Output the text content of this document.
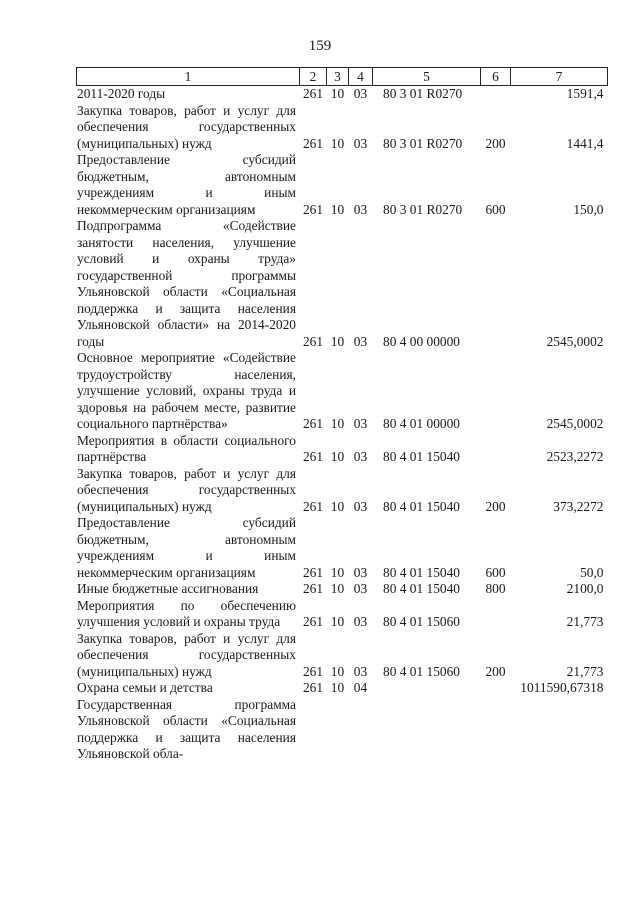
159
1	2	3	4	5	6	7
2011-2020 годы	261	10	03	80 3 01 R0270		1591,4
Закупка товаров, работ и услуг для обеспечения государственных (муниципальных) нужд	261	10	03	80 3 01 R0270	200	1441,4
Предоставление субсидий бюджетным, автономным учреждениям и иным некоммерческим организациям	261	10	03	80 3 01 R0270	600	150,0
Подпрограмма «Содействие занятости населения, улучшение условий и охраны труда» государственной программы Ульяновской области «Социальная поддержка и защита населения Ульяновской области» на 2014-2020 годы	261	10	03	80 4 00 00000		2545,0002
Основное мероприятие «Содействие трудоустройству населения, улучшение условий, охраны труда и здоровья на рабочем месте, развитие социального партнёрства»	261	10	03	80 4 01 00000		2545,0002
Мероприятия в области социального партнёрства	261	10	03	80 4 01 15040		2523,2272
Закупка товаров, работ и услуг для обеспечения государственных (муниципальных) нужд	261	10	03	80 4 01 15040	200	373,2272
Предоставление субсидий бюджетным, автономным учреждениям и иным некоммерческим организациям	261	10	03	80 4 01 15040	600	50,0
Иные бюджетные ассигнования	261	10	03	80 4 01 15040	800	2100,0
Мероприятия по обеспечению улучшения условий и охраны труда	261	10	03	80 4 01 15060		21,773
Закупка товаров, работ и услуг для обеспечения государственных (муниципальных) нужд	261	10	03	80 4 01 15060	200	21,773
Охрана семьи и детства	261	10	04			1011590,67318
Государственная программа Ульяновской области «Социальная поддержка и защита населения Ульяновской обла-						
